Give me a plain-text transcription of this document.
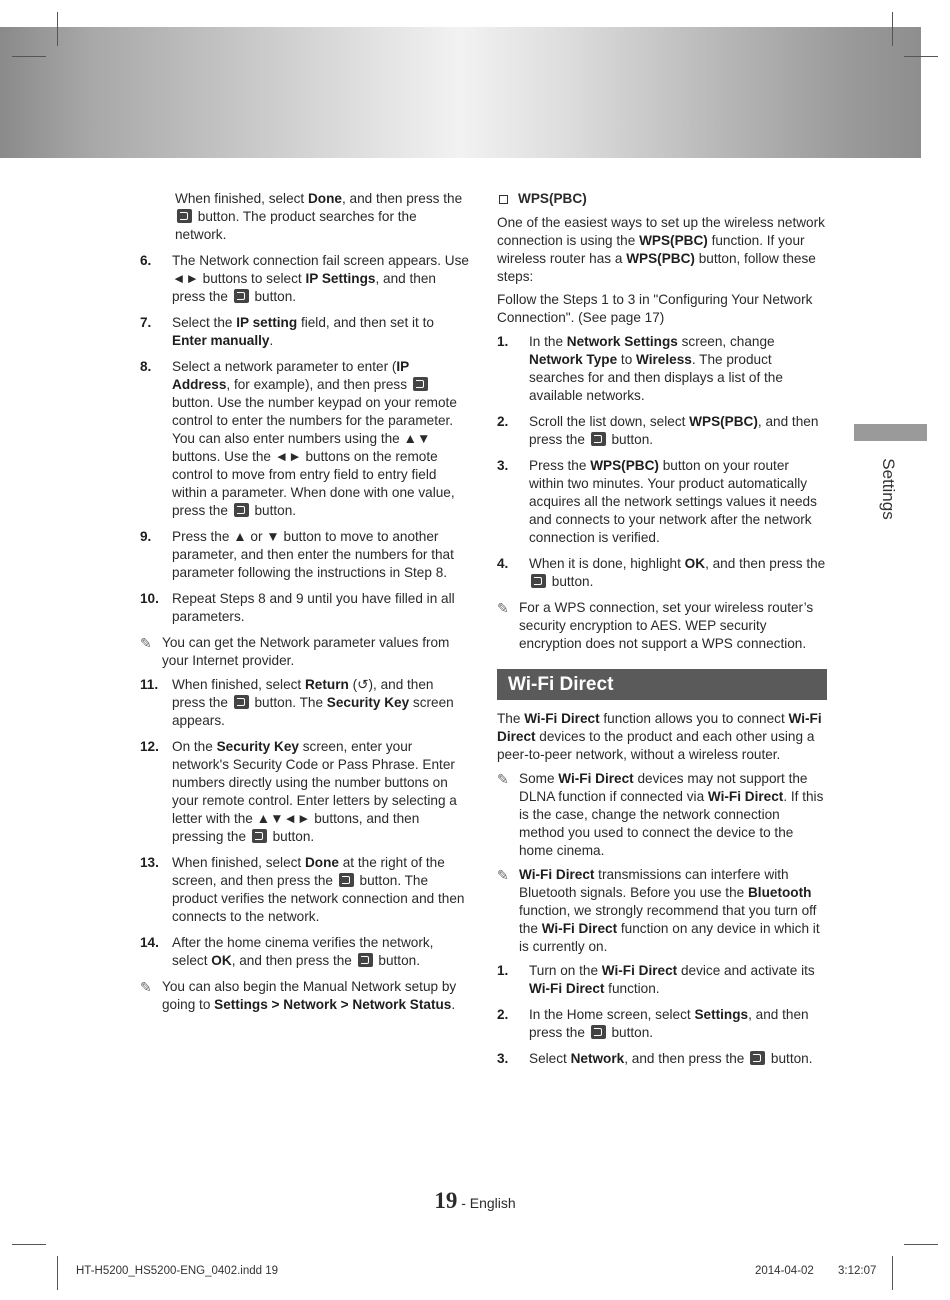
When finished, select Done, and then press the  button. The product searches for the network.
6.	The Network connection fail screen appears. Use ◄► buttons to select IP Settings, and then press the  button.
7.	Select the IP setting field, and then set it to Enter manually.
8.	Select a network parameter to enter (IP Address, for example), and then press  button. Use the number keypad on your remote control to enter the numbers for the parameter. You can also enter numbers using the ▲▼ buttons. Use the ◄► buttons on the remote control to move from entry field to entry field within a parameter. When done with one value, press the  button.
9.	Press the ▲ or ▼ button to move to another parameter, and then enter the numbers for that parameter following the instructions in Step 8.
10. Repeat Steps 8 and 9 until you have filled in all parameters.
✎ You can get the Network parameter values from your Internet provider.
11.	When finished, select Return (↺), and then press the  button. The Security Key screen appears.
12. On the Security Key screen, enter your network's Security Code or Pass Phrase. Enter numbers directly using the number buttons on your remote control. Enter letters by selecting a letter with the ▲▼◄► buttons, and then pressing the  button.
13. When finished, select Done at the right of the screen, and then press the  button. The product verifies the network connection and then connects to the network.
14. After the home cinema verifies the network, select OK, and then press the  button.
✎ You can also begin the Manual Network setup by going to Settings > Network > Network Status.
WPS(PBC)
One of the easiest ways to set up the wireless network connection is using the WPS(PBC) function. If your wireless router has a WPS(PBC) button, follow these steps:
Follow the Steps 1 to 3 in "Configuring Your Network Connection". (See page 17)
1.	In the Network Settings screen, change Network Type to Wireless. The product searches for and then displays a list of the available networks.
2.	Scroll the list down, select WPS(PBC), and then press the  button.
3.	Press the WPS(PBC) button on your router within two minutes. Your product automatically acquires all the network settings values it needs and connects to your network after the network connection is verified.
4.	When it is done, highlight OK, and then press the  button.
✎ For a WPS connection, set your wireless router’s security encryption to AES. WEP security encryption does not support a WPS connection.
Wi-Fi Direct
The Wi-Fi Direct function allows you to connect Wi-Fi Direct devices to the product and each other using a peer-to-peer network, without a wireless router.
✎ Some Wi-Fi Direct devices may not support the DLNA function if connected via Wi-Fi Direct. If this is the case, change the network connection method you used to connect the device to the home cinema.
✎ Wi-Fi Direct transmissions can interfere with Bluetooth signals. Before you use the Bluetooth function, we strongly recommend that you turn off the Wi-Fi Direct function on any device in which it is currently on.
1.	Turn on the Wi-Fi Direct device and activate its Wi-Fi Direct function.
2.	In the Home screen, select Settings, and then press the  button.
3.	Select Network, and then press the  button.
Settings
19 - English
HT-H5200_HS5200-ENG_0402.indd 19	2014-04-02 3:12:07
